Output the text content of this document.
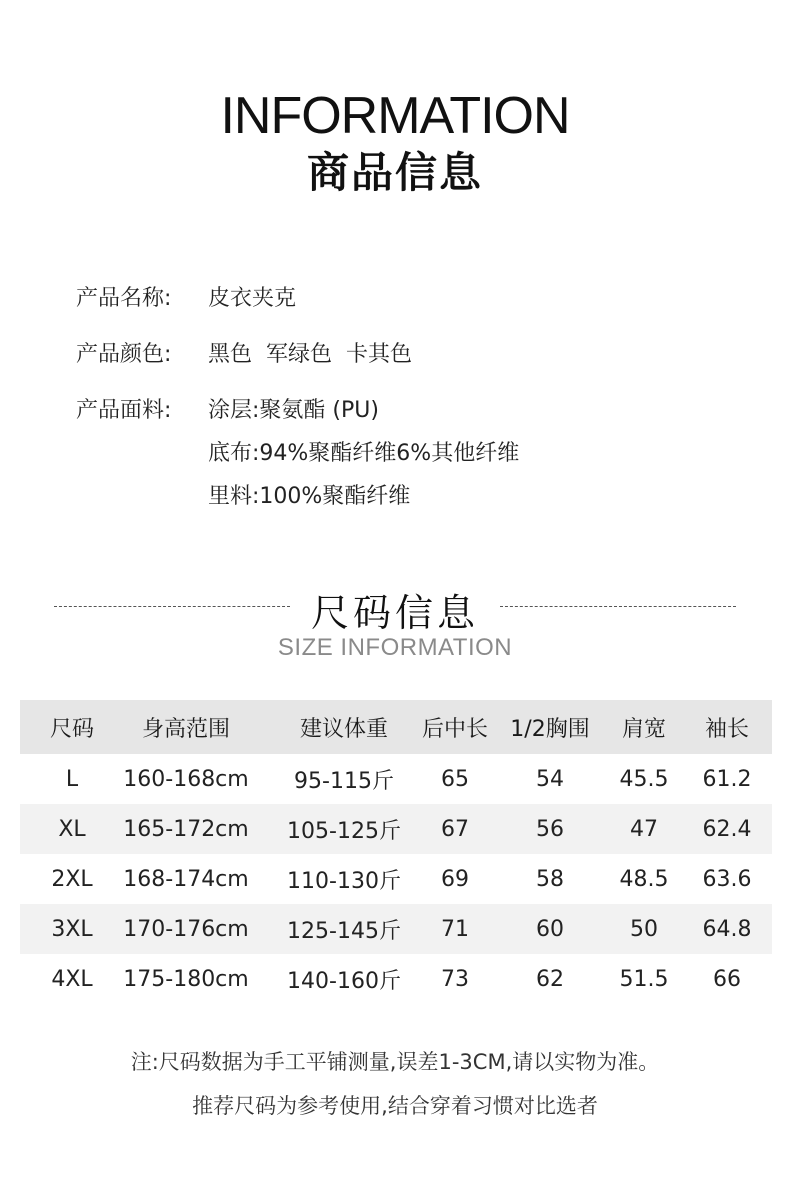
INFORMATION
商品信息
产品名称: 皮衣夹克
产品颜色: 黑色  军绿色  卡其色
产品面料:	涂层:聚氨酯 (PU)
底布:94%聚酯纤维6%其他纤维
里料:100%聚酯纤维
尺码信息
SIZE INFORMATION
尺码	身高范围	建议体重	后中长	1/2胸围	肩宽	袖长
L	160-168cm	95-115斤	65	54	45.5	61.2
XL	165-172cm	105-125斤	67	56	47	62.4
2XL	168-174cm	110-130斤	69	58	48.5	63.6
3XL	170-176cm	125-145斤	71	60	50	64.8
4XL	175-180cm	140-160斤	73	62	51.5	66
注:尺码数据为手工平铺测量,误差1-3CM,请以实物为准。
推荐尺码为参考使用,结合穿着习惯对比选者
